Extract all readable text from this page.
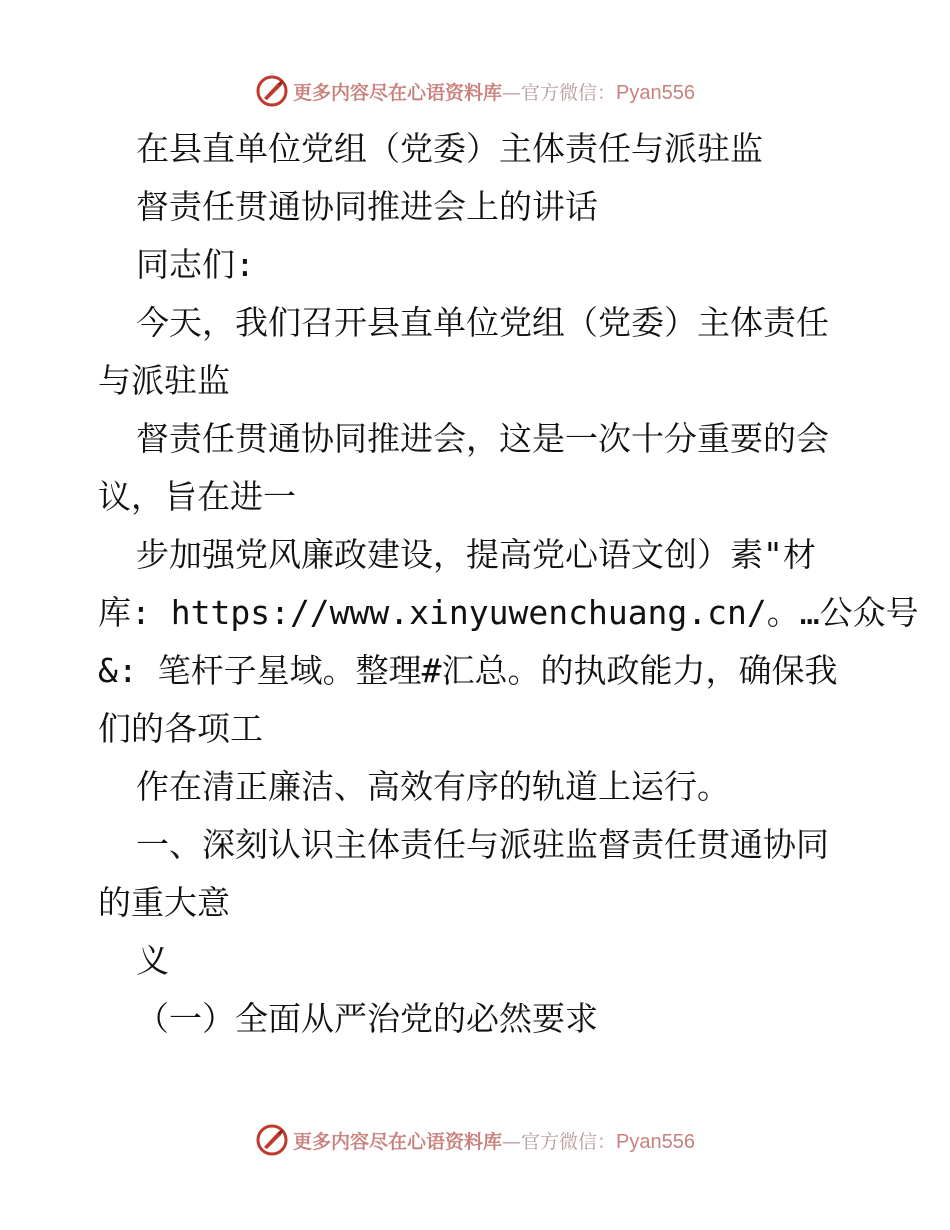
更多内容尽在心语资料库—官方微信：Pyan556
在县直单位党组（党委）主体责任与派驻监
督责任贯通协同推进会上的讲话
同志们:
今天，我们召开县直单位党组（党委）主体责任
与派驻监
督责任贯通协同推进会，这是一次十分重要的会
议，旨在进一
步加强党风廉政建设，提高党心语文创）素"材
库: https://www.xinyuwenchuang.cn/。…公众号
&: 笔杆子星域。整理#汇总。的执政能力，确保我
们的各项工
作在清正廉洁、高效有序的轨道上运行。
一、深刻认识主体责任与派驻监督责任贯通协同
的重大意
义
（一）全面从严治党的必然要求
更多内容尽在心语资料库—官方微信：Pyan556
